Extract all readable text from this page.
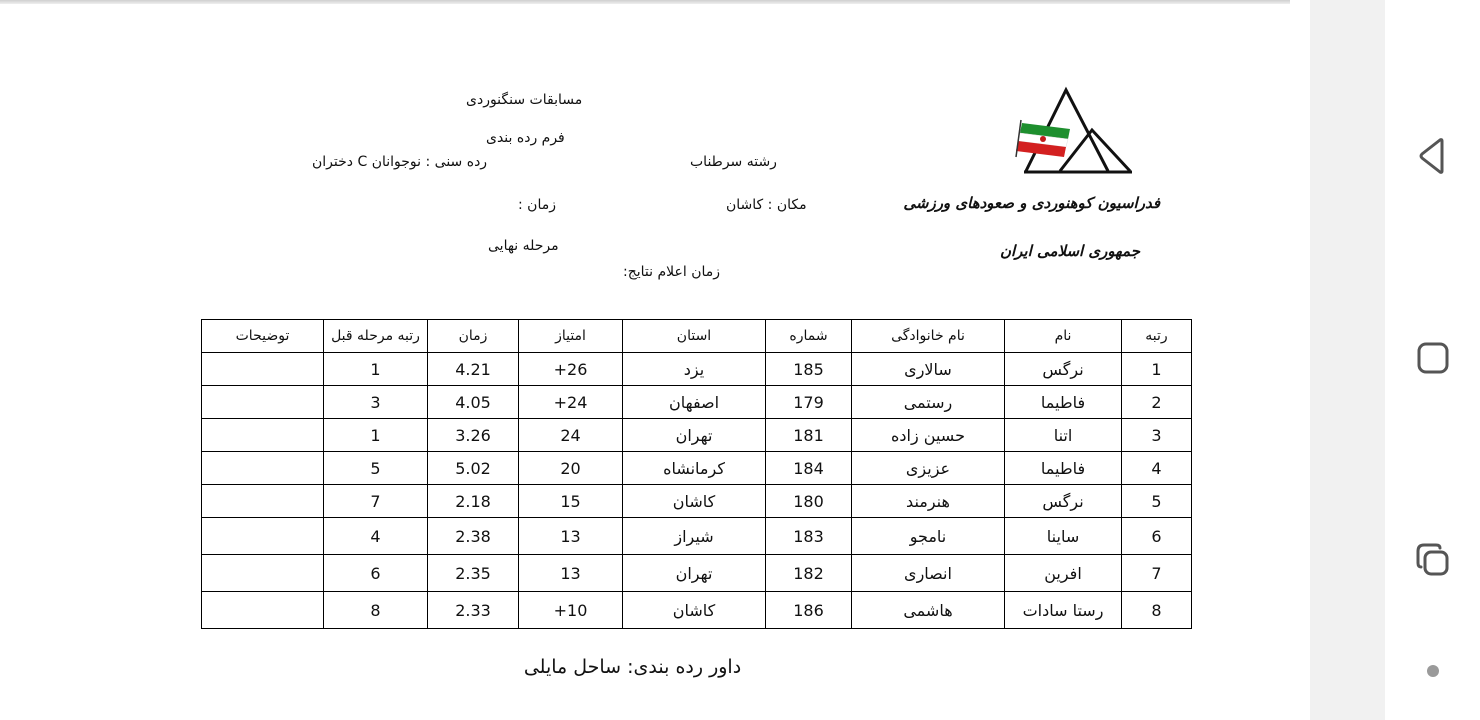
فدراسیون کوهنوردی و صعودهای ورزشی
جمهوری اسلامی ایران
مسابقات سنگنوردی
فرم رده بندی
رشته سرطناب
رده سنی : نوجوانان C دختران
مکان : کاشان
زمان :
مرحله نهایی
زمان اعلام نتایج:
رتبه	نام	نام خانوادگی	شماره	استان	امتیاز	زمان	رتبه مرحله قبل	توضیحات
1	نرگس	سالاری	185	یزد	26+	4.21	1	
2	فاطیما	رستمی	179	اصفهان	24+	4.05	3	
3	اتنا	حسین زاده	181	تهران	24	3.26	1	
4	فاطیما	عزیزی	184	کرمانشاه	20	5.02	5	
5	نرگس	هنرمند	180	کاشان	15	2.18	7	
6	ساینا	نامجو	183	شیراز	13	2.38	4	
7	افرین	انصاری	182	تهران	13	2.35	6	
8	رستا سادات	هاشمی	186	کاشان	10+	2.33	8	
داور رده بندی: ساحل مایلی
